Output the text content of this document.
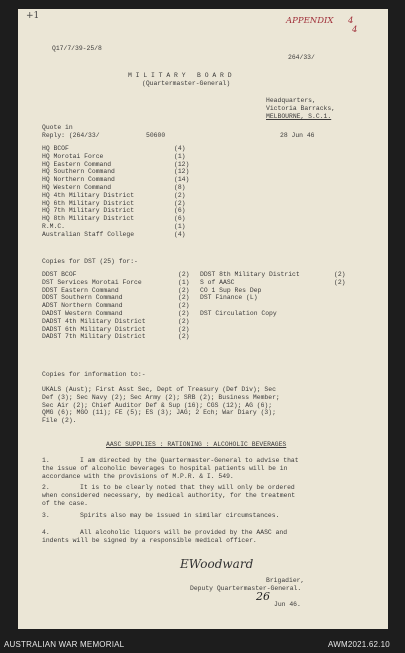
+1	APPENDIX 4
4
Q17/7/39-25/8
264/33/
M I L I T A R Y   B O A R D
(Quartermaster-General)
Quote in
Reply: (264/33/	50600	28 Jun 46
Copies for DST (25) for:-
Copies for information to:-
AASC SUPPLIES : RATIONING : ALCOHOLIC BEVERAGES
EWoodward
Brigadier,
Deputy Quartermaster-General.
26
Jun 46.
Headquarters,
Victoria Barracks,
MELBOURNE, S.C.1.
HQ BCOF	(4)
HQ Morotai Force	(1)
HQ Eastern Command	(12)
HQ Southern Command	(12)
HQ Northern Command	(14)
HQ Western Command	(8)
HQ 4th Military District	(2)
HQ 6th Military District	(2)
HQ 7th Military District	(6)
HQ 8th Military District	(6)
R.M.C.	(1)
Australian Staff College	(4)
DDST BCOF	(2)
DST Services Morotai Force	(1)
DDST Eastern Command	(2)
DDST Southern Command	(2)
ADST Northern Command	(2)
DADST Western Command	(2)
DADST 4th Military District	(2)
DADST 6th Military District	(2)
DADST 7th Military District	(2)
DDST 8th Military District	(2)
S of AASC	(2)
CO 1 Sup Res Dep
DST Finance (L)
DST Circulation Copy
UKALS (Aust); First Asst Sec, Dept of Treasury (Def Div); Sec
Def (3); Sec Navy (2); Sec Army (2); SRB (2); Business Member;
Sec Air (2); Chief Auditor Def & Sup (16); CGS (12); AG (6);
QMG (6); MGO (11); FE (5); ES (3); JAG; 2 Ech; War Diary (3);
File (2).
1.	I am directed by the Quartermaster-General to advise that
the issue of alcoholic beverages to hospital patients will be in
accordance with the provisions of M.P.R. & I. 549.
2.	It is to be clearly noted that they will only be ordered
when considered necessary, by medical authority, for the treatment
of the case.
3.	Spirits also may be issued in similar circumstances.
4.	All alcoholic liquors will be provided by the AASC and
indents will be signed by a responsible medical officer.
AUSTRALIAN WAR MEMORIAL	AWM2021.62.10
